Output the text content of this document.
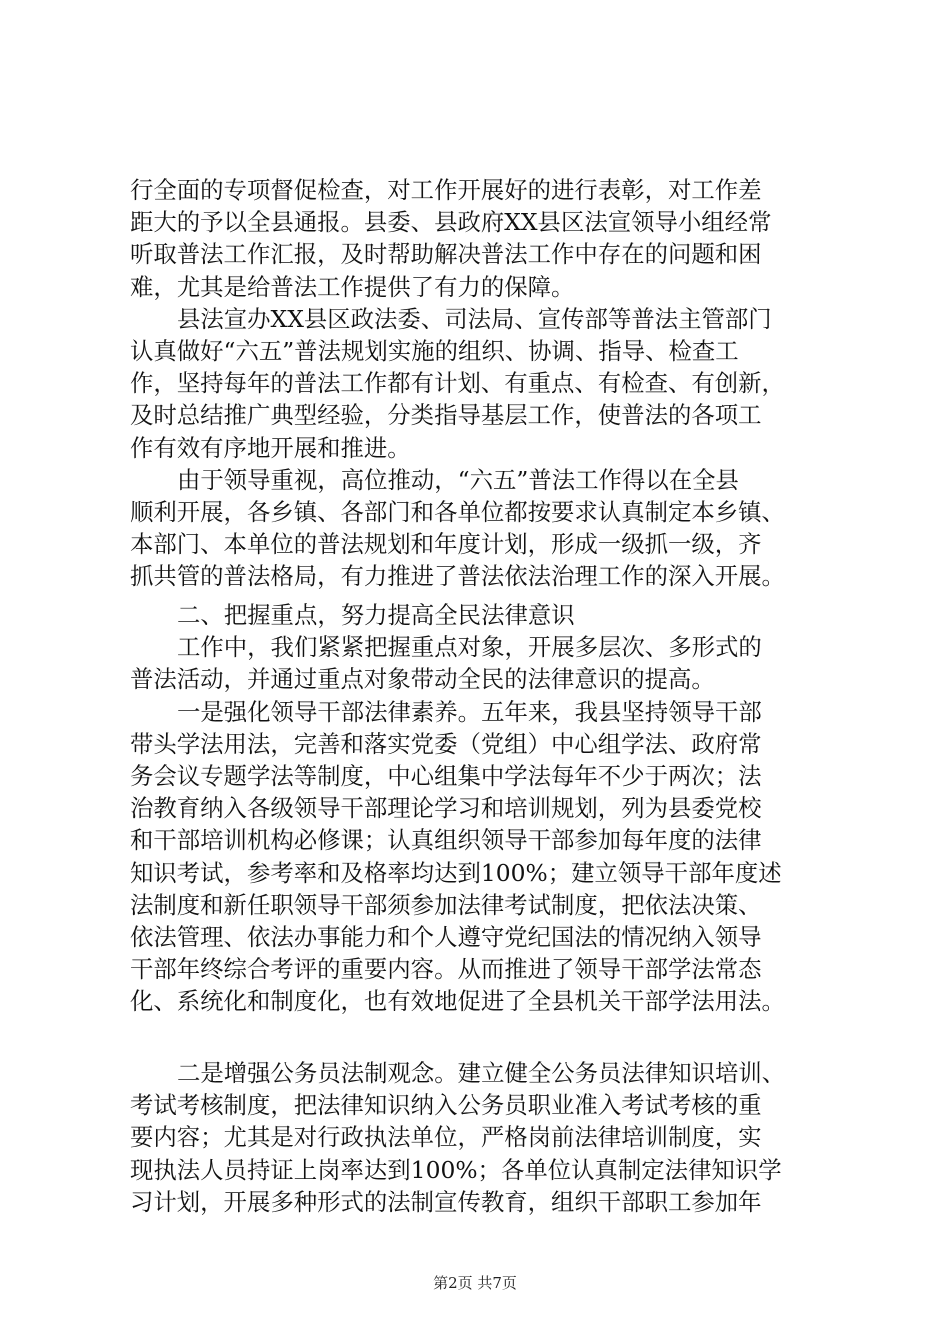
行全面的专项督促检查，对工作开展好的进行表彰，对工作差
距大的予以全县通报。县委、县政府XX县区法宣领导小组经常
听取普法工作汇报，及时帮助解决普法工作中存在的问题和困
难，尤其是给普法工作提供了有力的保障。
县法宣办XX县区政法委、司法局、宣传部等普法主管部门
认真做好“六五”普法规划实施的组织、协调、指导、检查工
作，坚持每年的普法工作都有计划、有重点、有检查、有创新，
及时总结推广典型经验，分类指导基层工作，使普法的各项工
作有效有序地开展和推进。
由于领导重视，高位推动，“六五”普法工作得以在全县
顺利开展，各乡镇、各部门和各单位都按要求认真制定本乡镇、
本部门、本单位的普法规划和年度计划，形成一级抓一级，齐
抓共管的普法格局，有力推进了普法依法治理工作的深入开展。
二、把握重点，努力提高全民法律意识
工作中，我们紧紧把握重点对象，开展多层次、多形式的
普法活动，并通过重点对象带动全民的法律意识的提高。
一是强化领导干部法律素养。五年来，我县坚持领导干部
带头学法用法，完善和落实党委（党组）中心组学法、政府常
务会议专题学法等制度，中心组集中学法每年不少于两次；法
治教育纳入各级领导干部理论学习和培训规划，列为县委党校
和干部培训机构必修课；认真组织领导干部参加每年度的法律
知识考试，参考率和及格率均达到100%；建立领导干部年度述
法制度和新任职领导干部须参加法律考试制度，把依法决策、
依法管理、依法办事能力和个人遵守党纪国法的情况纳入领导
干部年终综合考评的重要内容。从而推进了领导干部学法常态
化、系统化和制度化，也有效地促进了全县机关干部学法用法。
二是增强公务员法制观念。建立健全公务员法律知识培训、
考试考核制度，把法律知识纳入公务员职业准入考试考核的重
要内容；尤其是对行政执法单位，严格岗前法律培训制度，实
现执法人员持证上岗率达到100%；各单位认真制定法律知识学
习计划，开展多种形式的法制宣传教育，组织干部职工参加年
第2页 共7页
